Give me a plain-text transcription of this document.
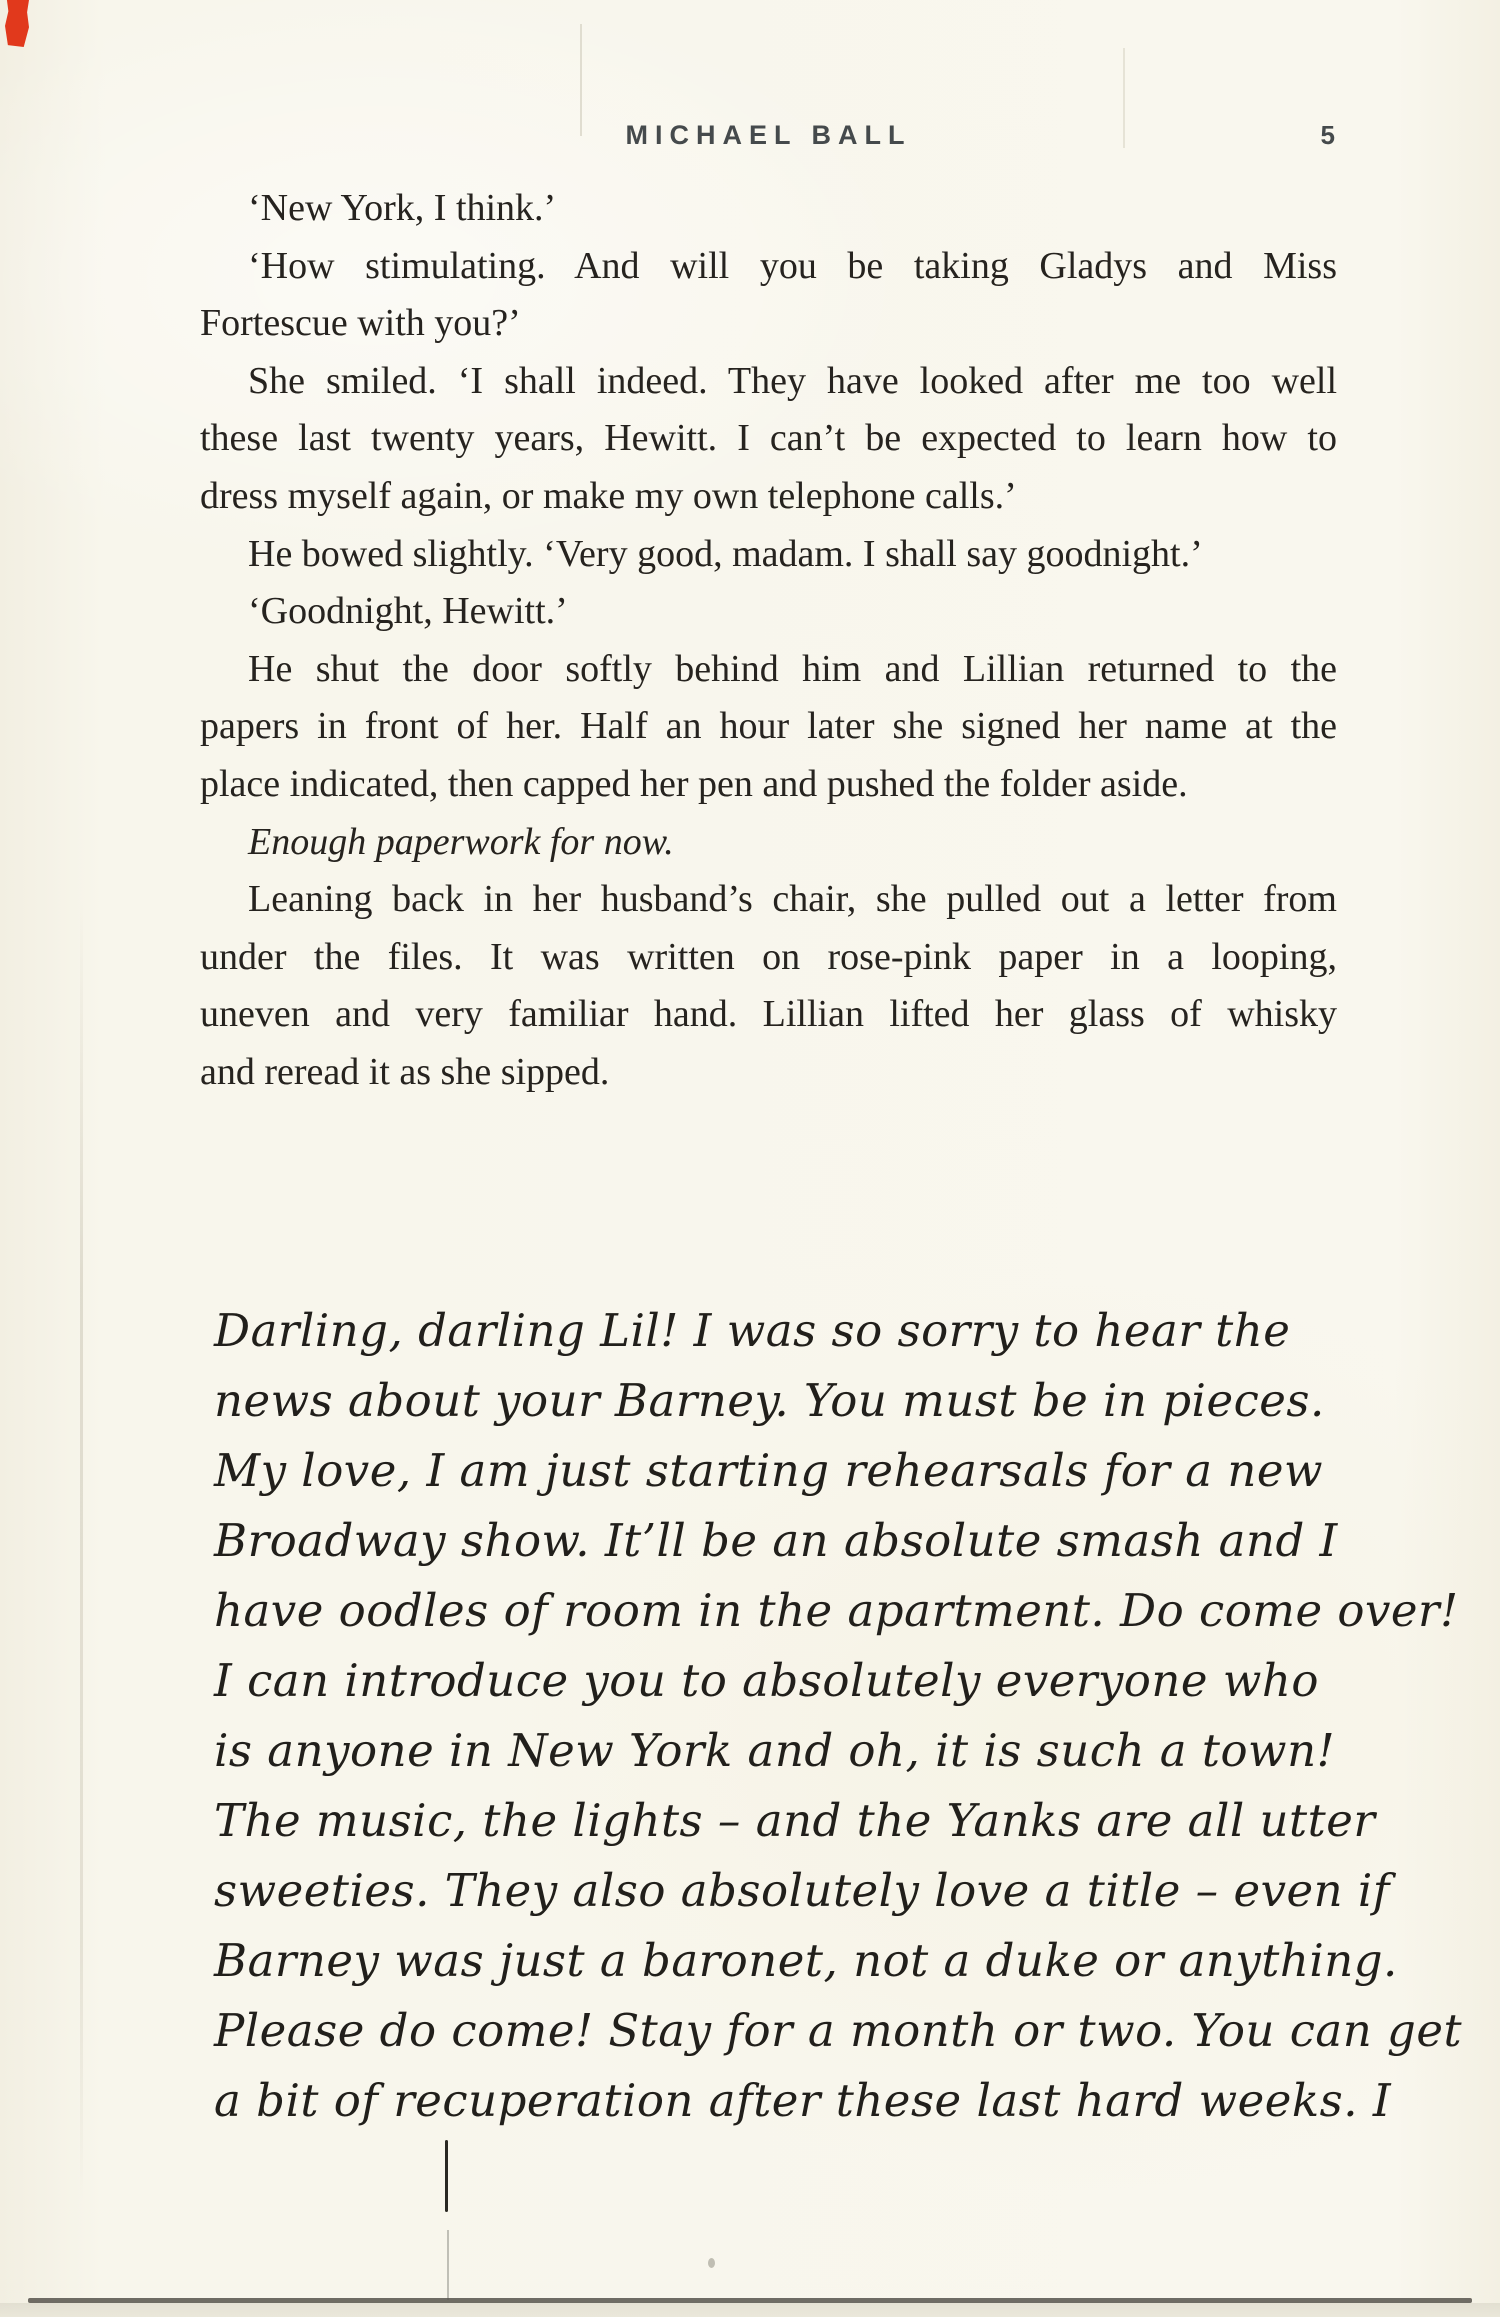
MICHAEL BALL	5
‘New York, I think.’
‘How stimulating. And will you be taking Gladys and Miss
Fortescue with you?’
She smiled. ‘I shall indeed. They have looked after me too well
these last twenty years, Hewitt. I can’t be expected to learn how to
dress myself again, or make my own telephone calls.’
He bowed slightly. ‘Very good, madam. I shall say goodnight.’
‘Goodnight, Hewitt.’
He shut the door softly behind him and Lillian returned to the
papers in front of her. Half an hour later she signed her name at the
place indicated, then capped her pen and pushed the folder aside.
Enough paperwork for now.
Leaning back in her husband’s chair, she pulled out a letter from
under the files. It was written on rose-pink paper in a looping,
uneven and very familiar hand. Lillian lifted her glass of whisky
and reread it as she sipped.
Darling, darling Lil! I was so sorry to hear the
news about your Barney. You must be in pieces.
My love, I am just starting rehearsals for a new
Broadway show. It’ll be an absolute smash and I
have oodles of room in the apartment. Do come over!
I can introduce you to absolutely everyone who
is anyone in New York and oh, it is such a town!
The music, the lights – and the Yanks are all utter
sweeties. They also absolutely love a title – even if
Barney was just a baronet, not a duke or anything.
Please do come! Stay for a month or two. You can get
a bit of recuperation after these last hard weeks. I
